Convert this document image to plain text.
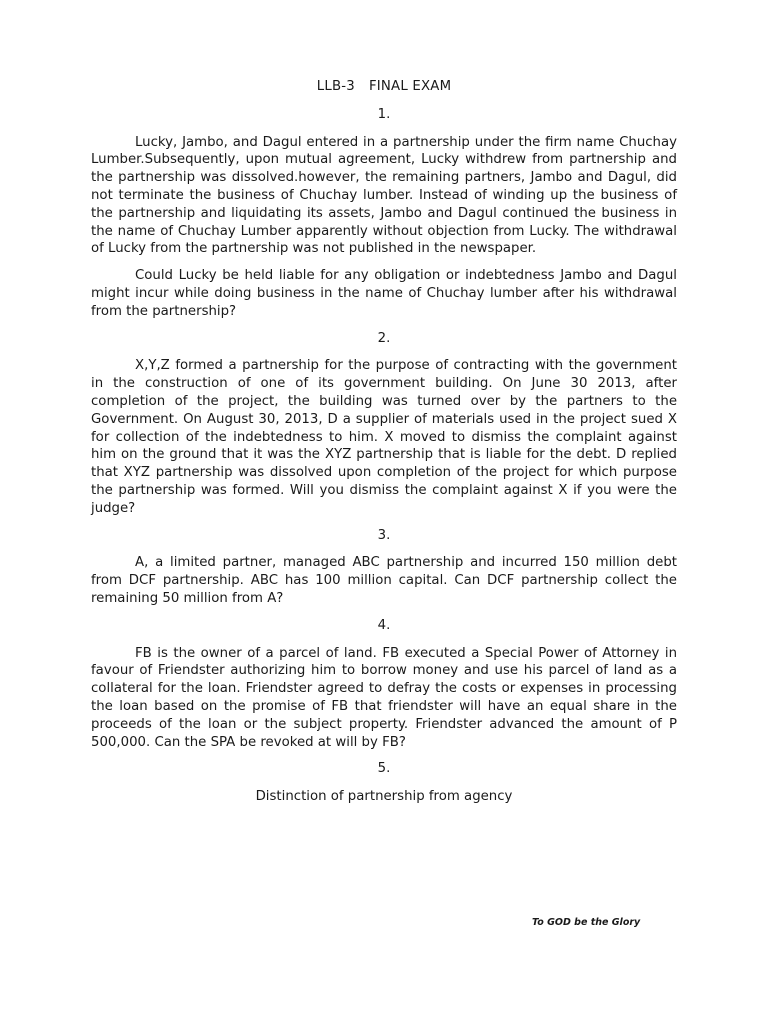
LLB-3 FINAL EXAM
1.

Lucky, Jambo, and Dagul entered in a partnership under the firm name Chuchay Lumber.Subsequently, upon mutual agreement, Lucky withdrew from partnership and the partnership was dissolved.however, the remaining partners, Jambo and Dagul, did not terminate the business of Chuchay lumber. Instead of winding up the business of the partnership and liquidating its assets, Jambo and Dagul continued the business in the name of Chuchay Lumber apparently without objection from Lucky. The withdrawal of Lucky from the partnership was not published in the newspaper.

Could Lucky be held liable for any obligation or indebtedness Jambo and Dagul might incur while doing business in the name of Chuchay lumber after his withdrawal from the partnership?

2.

X,Y,Z formed a partnership for the purpose of contracting with the government in the construction of one of its government building. On June 30 2013, after completion of the project, the building was turned over by the partners to the Government. On August 30, 2013, D a supplier of materials used in the project sued X for collection of the indebtedness to him. X moved to dismiss the complaint against him on the ground that it was the XYZ partnership that is liable for the debt. D replied that XYZ partnership was dissolved upon completion of the project for which purpose the partnership was formed. Will you dismiss the complaint against X if you were the judge?

3.

A, a limited partner, managed ABC partnership and incurred 150 million debt from DCF partnership. ABC has 100 million capital. Can DCF partnership collect the remaining 50 million from A?

4.

FB is the owner of a parcel of land. FB executed a Special Power of Attorney in favour of Friendster authorizing him to borrow money and use his parcel of land as a collateral for the loan. Friendster agreed to defray the costs or expenses in processing the loan based on the promise of FB that friendster will have an equal share in the proceeds of the loan or the subject property. Friendster advanced the amount of P 500,000. Can the SPA be revoked at will by FB?

5.
Distinction of partnership from agency
To GOD be the Glory
